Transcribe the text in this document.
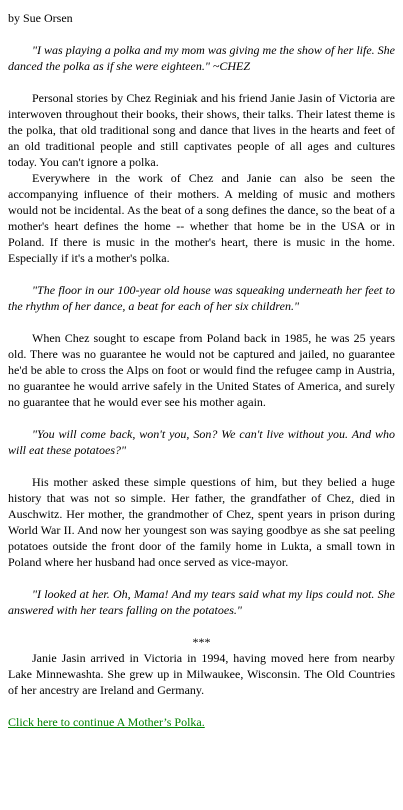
by Sue Orsen

"I was playing a polka and my mom was giving me the show of her life. She danced the polka as if she were eighteen." ~CHEZ

Personal stories by Chez Reginiak and his friend Janie Jasin of Victoria are interwoven throughout their books, their shows, their talks. Their latest theme is the polka, that old traditional song and dance that lives in the hearts and feet of an old traditional people and still captivates people of all ages and cultures today. You can't ignore a polka.

Everywhere in the work of Chez and Janie can also be seen the accompanying influence of their mothers. A melding of music and mothers would not be incidental. As the beat of a song defines the dance, so the beat of a mother's heart defines the home -- whether that home be in the USA or in Poland. If there is music in the mother's heart, there is music in the home. Especially if it's a mother's polka.

"The floor in our 100-year old house was squeaking underneath her feet to the rhythm of her dance, a beat for each of her six children."

When Chez sought to escape from Poland back in 1985, he was 25 years old. There was no guarantee he would not be captured and jailed, no guarantee he'd be able to cross the Alps on foot or would find the refugee camp in Austria, no guarantee he would arrive safely in the United States of America, and surely no guarantee that he would ever see his mother again.

"You will come back, won't you, Son? We can't live without you. And who will eat these potatoes?"

His mother asked these simple questions of him, but they belied a huge history that was not so simple. Her father, the grandfather of Chez, died in Auschwitz. Her mother, the grandmother of Chez, spent years in prison during World War II. And now her youngest son was saying goodbye as she sat peeling potatoes outside the front door of the family home in Lukta, a small town in Poland where her husband had once served as vice-mayor.

"I looked at her. Oh, Mama! And my tears said what my lips could not. She answered with her tears falling on the potatoes."

***

Janie Jasin arrived in Victoria in 1994, having moved here from nearby Lake Minnewashta. She grew up in Milwaukee, Wisconsin. The Old Countries of her ancestry are Ireland and Germany.

Click here to continue A Mother’s Polka.
